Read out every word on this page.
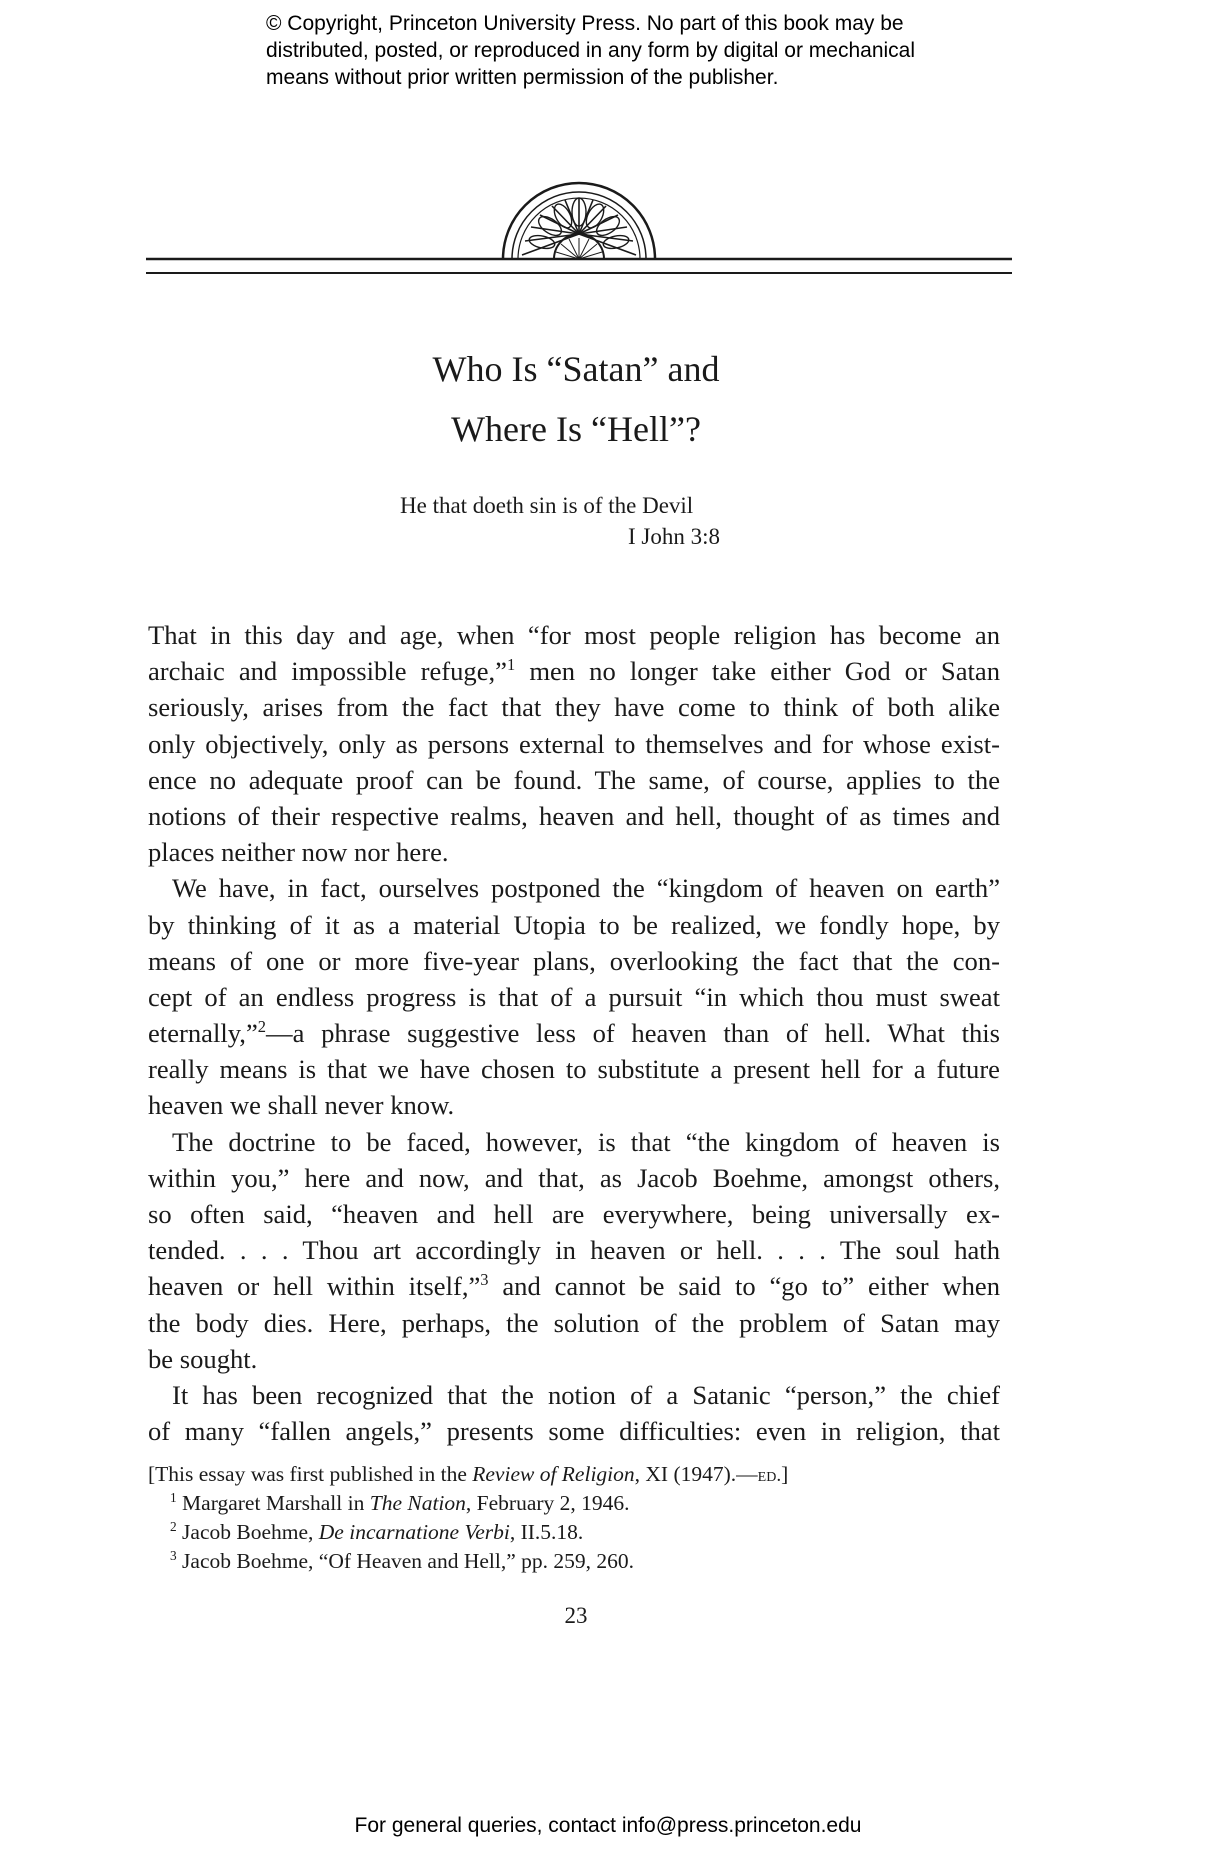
© Copyright, Princeton University Press. No part of this book may be
distributed, posted, or reproduced in any form by digital or mechanical
means without prior written permission of the publisher.
Who Is “Satan” and
Where Is “Hell”?
He that doeth sin is of the Devil
I John 3:8
That in this day and age, when “for most people religion has become an
archaic and impossible refuge,”$^1$ men no longer take either God or Satan
seriously, arises from the fact that they have come to think of both alike
only objectively, only as persons external to themselves and for whose exist-
ence no adequate proof can be found. The same, of course, applies to the
notions of their respective realms, heaven and hell, thought of as times and
places neither now nor here.
We have, in fact, ourselves postponed the “kingdom of heaven on earth”
by thinking of it as a material Utopia to be realized, we fondly hope, by
means of one or more five-year plans, overlooking the fact that the con-
cept of an endless progress is that of a pursuit “in which thou must sweat
eternally,”$^2$—a phrase suggestive less of heaven than of hell. What this
really means is that we have chosen to substitute a present hell for a future
heaven we shall never know.
The doctrine to be faced, however, is that “the kingdom of heaven is
within you,” here and now, and that, as Jacob Boehme, amongst others,
so often said, “heaven and hell are everywhere, being universally ex-
tended. . . . Thou art accordingly in heaven or hell. . . . The soul hath
heaven or hell within itself,”$^3$ and cannot be said to “go to” either when
the body dies. Here, perhaps, the solution of the problem of Satan may
be sought.
It has been recognized that the notion of a Satanic “person,” the chief
of many “fallen angels,” presents some difficulties: even in religion, that
[This essay was first published in the Review of Religion, XI (1947).—ed.]
$^1$ Margaret Marshall in The Nation, February 2, 1946.
$^2$ Jacob Boehme, De incarnatione Verbi, II.5.18.
$^3$ Jacob Boehme, “Of Heaven and Hell,” pp. 259, 260.
23
For general queries, contact info@press.princeton.edu
